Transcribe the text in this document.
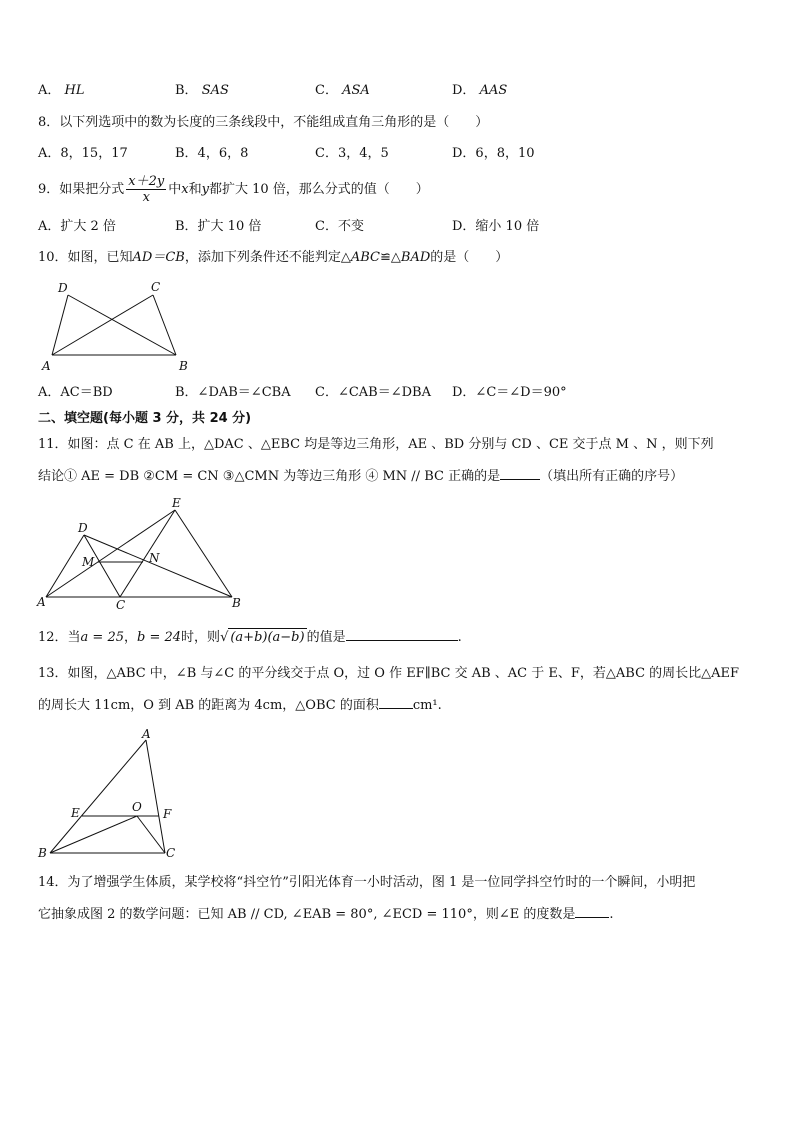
A． HL	B． SAS	C． ASA	D． AAS
8．以下列选项中的数为长度的三条线段中，不能组成直角三角形的是（　　）
A．8，15，17	B．4，6，8	C．3，4，5	D．6，8，10
9．如果把分式 $\frac{x+2y}{x}$ 中x和y都扩大 10 倍，那么分式的值（　　）
A．扩大 2 倍	B．扩大 10 倍	C．不变	D．缩小 10 倍
10．如图，已知AD＝CB，添加下列条件还不能判定△ABC≌△BAD的是（　　）
D	C
A	B
A．AC＝BD	B．∠DAB＝∠CBA C．∠CAB＝∠DBA D．∠C＝∠D＝90°
二、填空题(每小题 3 分，共 24 分)
11．如图：点 C 在 AB 上，△DAC 、△EBC 均是等边三角形，AE 、BD 分别与 CD 、CE 交于点 M 、N ，则下列
结论① AE = DB ②CM = CN ③△CMN 为等边三角形 ④ MN // BC 正确的是	（填出所有正确的序号）
E
D
M	N
A	C	B
12．当a = 25，b = 24时，则√ (a+b)(a−b) 的值是	.
13．如图，△ABC 中，∠B 与∠C 的平分线交于点 O，过 O 作 EF∥BC 交 AB 、AC 于 E、F，若△ABC 的周长比△AEF
的周长大 11cm，O 到 AB 的距离为 4cm，△OBC 的面积	cm¹.
A
O
E	F
B	C
14．为了增强学生体质，某学校将“抖空竹”引阳光体育一小时活动，图 1 是一位同学抖空竹时的一个瞬间，小明把
它抽象成图 2 的数学问题：已知 AB // CD, ∠EAB = 80°, ∠ECD = 110°，则∠E 的度数是	.
